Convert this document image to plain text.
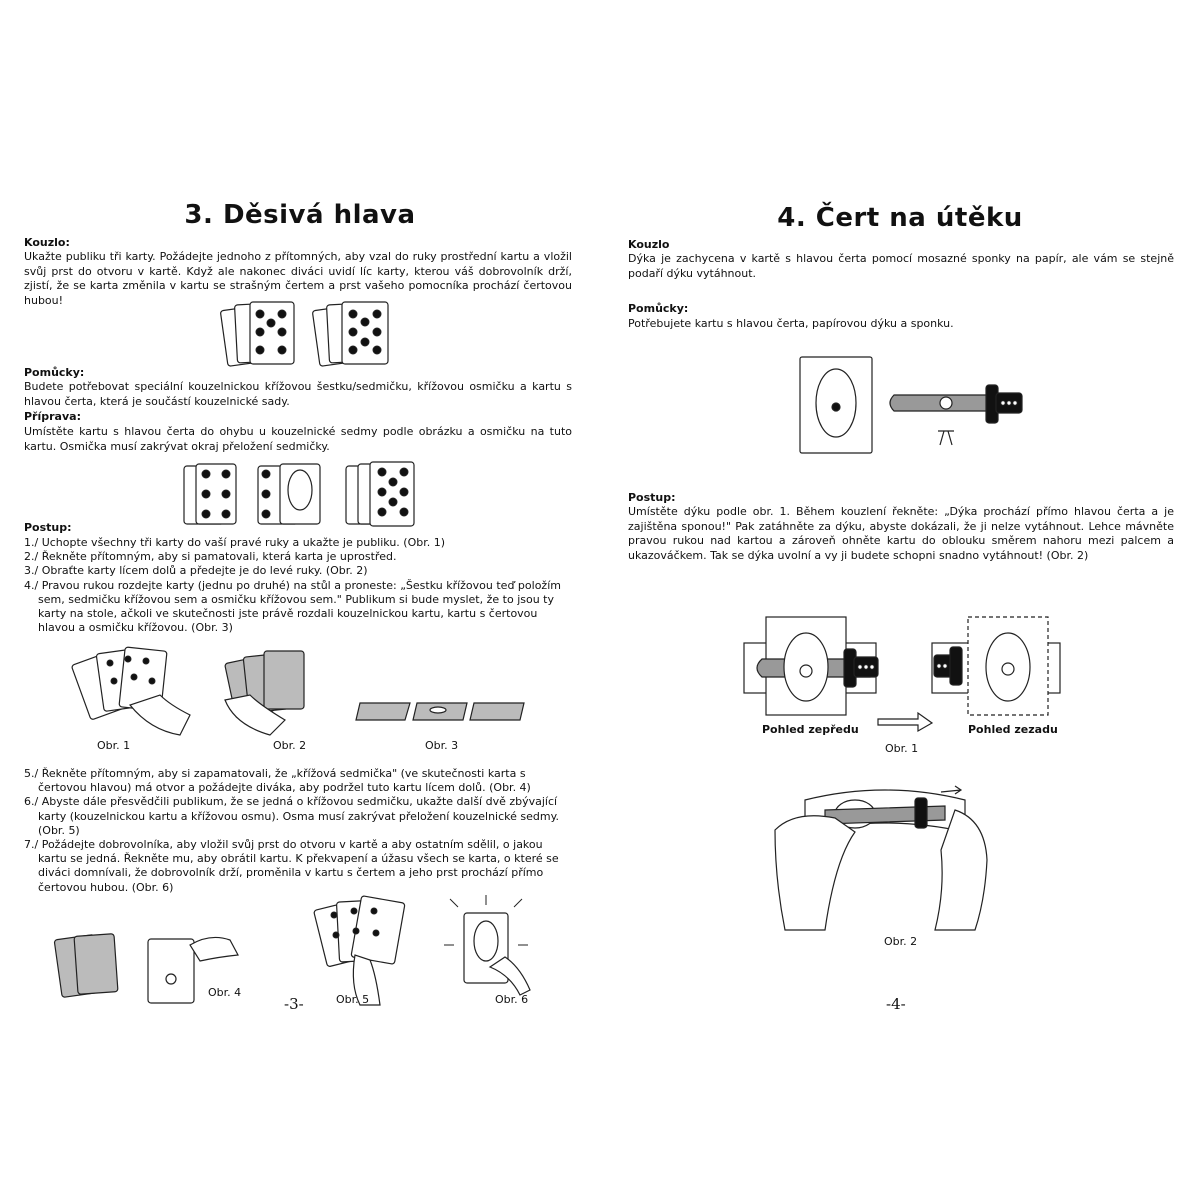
3. Děsivá hlava
Kouzlo:
Ukažte publiku tři karty. Požádejte jednoho z přítomných, aby vzal do ruky prostřední kartu a vložil svůj prst do otvoru v kartě. Když ale nakonec diváci uvidí líc karty, kterou váš dobrovolník drží, zjistí, že se karta změnila v kartu se strašným čertem a prst vašeho pomocníka prochází čertovou hubou!
Pomůcky:
Budete potřebovat speciální kouzelnickou křížovou šestku/sedmičku, křížovou osmičku a kartu s hlavou čerta, která je součástí kouzelnické sady.
Příprava:
Umístěte kartu s hlavou čerta do ohybu u kouzelnické sedmy podle obrázku a osmičku na tuto kartu. Osmička musí zakrývat okraj přeložení sedmičky.
Postup:
1./ Uchopte všechny tři karty do vaší pravé ruky a ukažte je publiku. (Obr. 1)
2./ Řekněte přítomným, aby si pamatovali, která karta je uprostřed.
3./ Obraťte karty lícem dolů a předejte je do levé ruky. (Obr. 2)
4./ Pravou rukou rozdejte karty (jednu po druhé) na stůl a proneste: „Šestku křížovou teď položím
sem, sedmičku křížovou sem a osmičku křížovou sem." Publikum si bude myslet, že to jsou ty karty na stole, ačkoli ve skutečnosti jste právě rozdali kouzelnickou kartu, kartu s čertovou hlavou a osmičku křížovou. (Obr. 3)
Obr. 1	Obr. 2	Obr. 3
5./ Řekněte přítomným, aby si zapamatovali, že „křížová sedmička" (ve skutečnosti karta s
čertovou hlavou) má otvor a požádejte diváka, aby podržel tuto kartu lícem dolů. (Obr. 4)
6./ Abyste dále přesvědčili publikum, že se jedná o křížovou sedmičku, ukažte další dvě zbývající
karty (kouzelnickou kartu a křížovou osmu). Osma musí zakrývat přeložení kouzelnické sedmy. (Obr. 5)
7./ Požádejte dobrovolníka, aby vložil svůj prst do otvoru v kartě a aby ostatním sdělil, o jakou
kartu se jedná. Řekněte mu, aby obrátil kartu. K překvapení a úžasu všech se karta, o které se diváci domnívali, že dobrovolník drží, proměnila v kartu s čertem a jeho prst prochází přímo čertovou hubou. (Obr. 6)
Obr. 4
Obr. 5	Obr. 6
-3-
4. Čert na útěku
Kouzlo
Dýka je zachycena v kartě s hlavou čerta pomocí mosazné sponky na papír, ale vám se stejně podaří dýku vytáhnout.
Pomůcky:
Potřebujete kartu s hlavou čerta, papírovou dýku a sponku.
Postup:
Umístěte dýku podle obr. 1. Během kouzlení řekněte: „Dýka prochází přímo hlavou čerta a je zajištěna sponou!" Pak zatáhněte za dýku, abyste dokázali, že ji nelze vytáhnout. Lehce mávněte pravou rukou nad kartou a zároveň ohněte kartu do oblouku směrem nahoru mezi palcem a ukazováčkem. Tak se dýka uvolní a vy ji budete schopni snadno vytáhnout! (Obr. 2)
Pohled zepředu	Pohled zezadu
Obr. 1
Obr. 2
-4-
